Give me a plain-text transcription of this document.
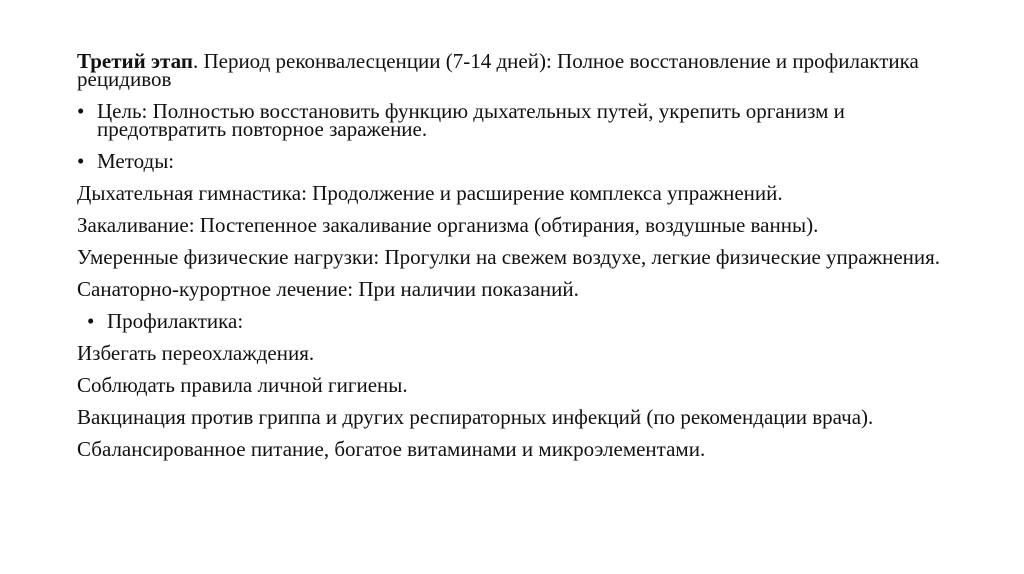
Третий этап. Период реконвалесценции (7-14 дней): Полное восстановление и профилактика рецидивов

• Цель: Полностью восстановить функцию дыхательных путей, укрепить организм и предотвратить повторное заражение.
• Методы:

Дыхательная гимнастика: Продолжение и расширение комплекса упражнений.

Закаливание: Постепенное закаливание организма (обтирания, воздушные ванны).

Умеренные физические нагрузки: Прогулки на свежем воздухе, легкие физические упражнения.

Санаторно-курортное лечение: При наличии показаний.

• Профилактика:

Избегать переохлаждения.

Соблюдать правила личной гигиены.

Вакцинация против гриппа и других респираторных инфекций (по рекомендации врача).

Сбалансированное питание, богатое витаминами и микроэлементами.
